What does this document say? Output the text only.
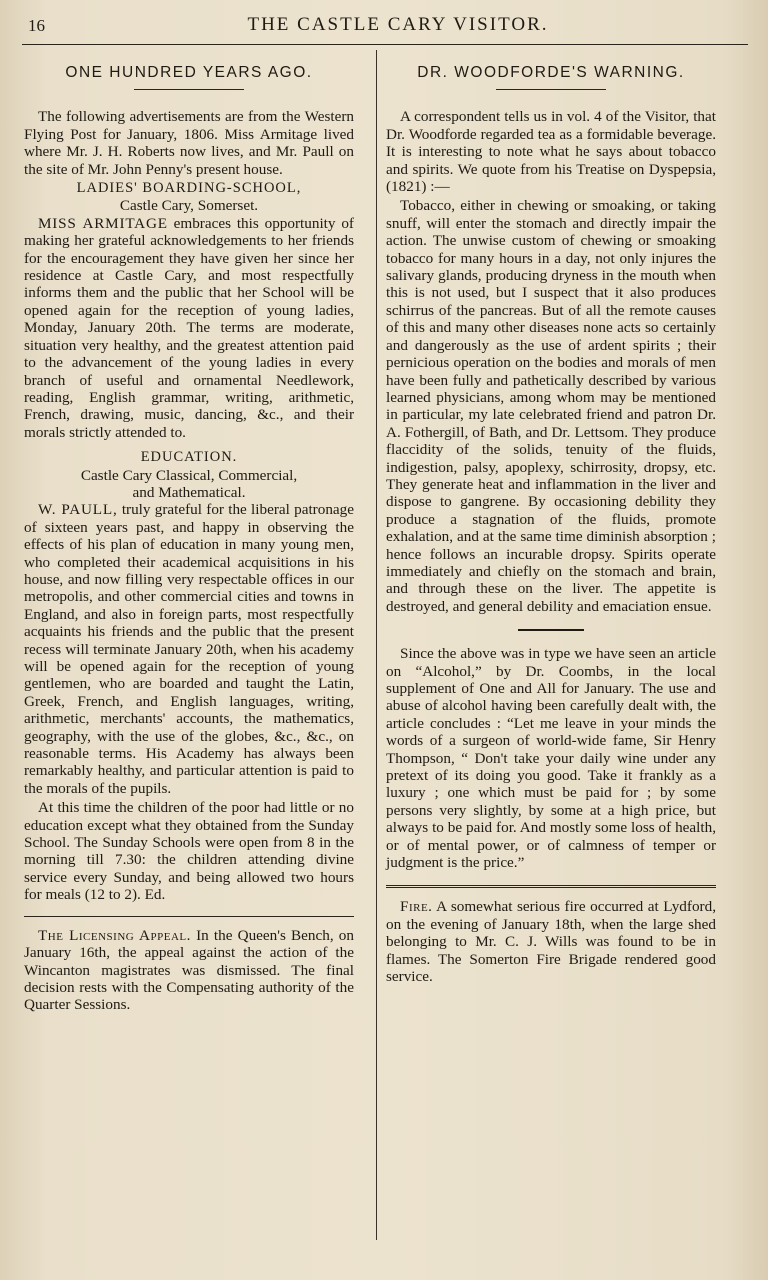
16	THE CASTLE CARY VISITOR.
ONE HUNDRED YEARS AGO.

The following advertisements are from the Western Flying Post for January, 1806. Miss Armitage lived where Mr. J. H. Roberts now lives, and Mr. Paull on the site of Mr. John Penny's present house.

LADIES' BOARDING-SCHOOL,
Castle Cary, Somerset.

MISS ARMITAGE embraces this opportunity of making her grateful acknowledgements to her friends for the encouragement they have given her since her residence at Castle Cary, and most respectfully informs them and the public that her School will be opened again for the reception of young ladies, Monday, January 20th. The terms are moderate, situation very healthy, and the greatest attention paid to the advancement of the young ladies in every branch of useful and ornamental Needlework, reading, English grammar, writing, arithmetic, French, drawing, music, dancing, &c., and their morals strictly attended to.

EDUCATION.
Castle Cary Classical, Commercial,
and Mathematical.

W. PAULL, truly grateful for the liberal patronage of sixteen years past, and happy in observing the effects of his plan of education in many young men, who completed their academical acquisitions in his house, and now filling very respectable offices in our metropolis, and other commercial cities and towns in England, and also in foreign parts, most respectfully acquaints his friends and the public that the present recess will terminate January 20th, when his academy will be opened again for the reception of young gentlemen, who are boarded and taught the Latin, Greek, French, and English languages, writing, arithmetic, merchants' accounts, the mathematics, geography, with the use of the globes, &c., &c., on reasonable terms. His Academy has always been remarkably healthy, and particular attention is paid to the morals of the pupils.

At this time the children of the poor had little or no education except what they obtained from the Sunday School. The Sunday Schools were open from 8 in the morning till 7.30: the children attending divine service every Sunday, and being allowed two hours for meals (12 to 2). Ed.

The Licensing Appeal. In the Queen's Bench, on January 16th, the appeal against the action of the Wincanton magistrates was dismissed. The final decision rests with the Compensating authority of the Quarter Sessions.

DR. WOODFORDE'S WARNING.

A correspondent tells us in vol. 4 of the Visitor, that Dr. Woodforde regarded tea as a formidable beverage. It is interesting to note what he says about tobacco and spirits. We quote from his Treatise on Dyspepsia, (1821) :—

Tobacco, either in chewing or smoaking, or taking snuff, will enter the stomach and directly impair the action. The unwise custom of chewing or smoaking tobacco for many hours in a day, not only injures the salivary glands, producing dryness in the mouth when this is not used, but I suspect that it also produces schirrus of the pancreas. But of all the remote causes of this and many other diseases none acts so certainly and dangerously as the use of ardent spirits ; their pernicious operation on the bodies and morals of men have been fully and pathetically described by various learned physicians, among whom may be mentioned in particular, my late celebrated friend and patron Dr. A. Fothergill, of Bath, and Dr. Lettsom. They produce flaccidity of the solids, tenuity of the fluids, indigestion, palsy, apoplexy, schirrosity, dropsy, etc. They generate heat and inflammation in the liver and dispose to gangrene. By occasioning debility they produce a stagnation of the fluids, promote exhalation, and at the same time diminish absorption ; hence follows an incurable dropsy. Spirits operate immediately and chiefly on the stomach and brain, and through these on the liver. The appetite is destroyed, and general debility and emaciation ensue.

Since the above was in type we have seen an article on “Alcohol,” by Dr. Coombs, in the local supplement of One and All for January. The use and abuse of alcohol having been carefully dealt with, the article concludes : “Let me leave in your minds the words of a surgeon of world-wide fame, Sir Henry Thompson, “ Don't take your daily wine under any pretext of its doing you good. Take it frankly as a luxury ; one which must be paid for ; by some persons very slightly, by some at a high price, but always to be paid for. And mostly some loss of health, or of mental power, or of calmness of temper or judgment is the price.”

Fire. A somewhat serious fire occurred at Lydford, on the evening of January 18th, when the large shed belonging to Mr. C. J. Wills was found to be in flames. The Somerton Fire Brigade rendered good service.
